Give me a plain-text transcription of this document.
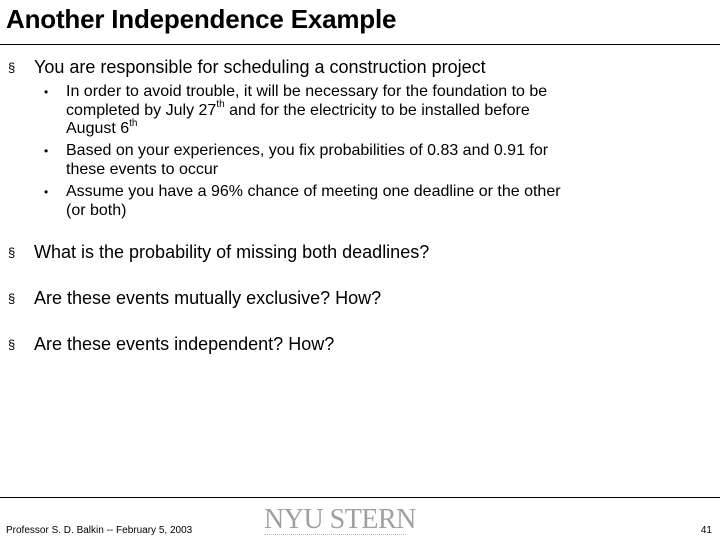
Another Independence Example
§ You are responsible for scheduling a construction project
• In order to avoid trouble, it will be necessary for the foundation to be
completed by July 27th and for the electricity to be installed before
August 6th
• Based on your experiences, you fix probabilities of 0.83 and 0.91 for
these events to occur
• Assume you have a 96% chance of meeting one deadline or the other
(or both)
§ What is the probability of missing both deadlines?
§ Are these events mutually exclusive? How?
§ Are these events independent? How?
Professor S. D. Balkin -- February 5, 2003	NYU STERN	41
